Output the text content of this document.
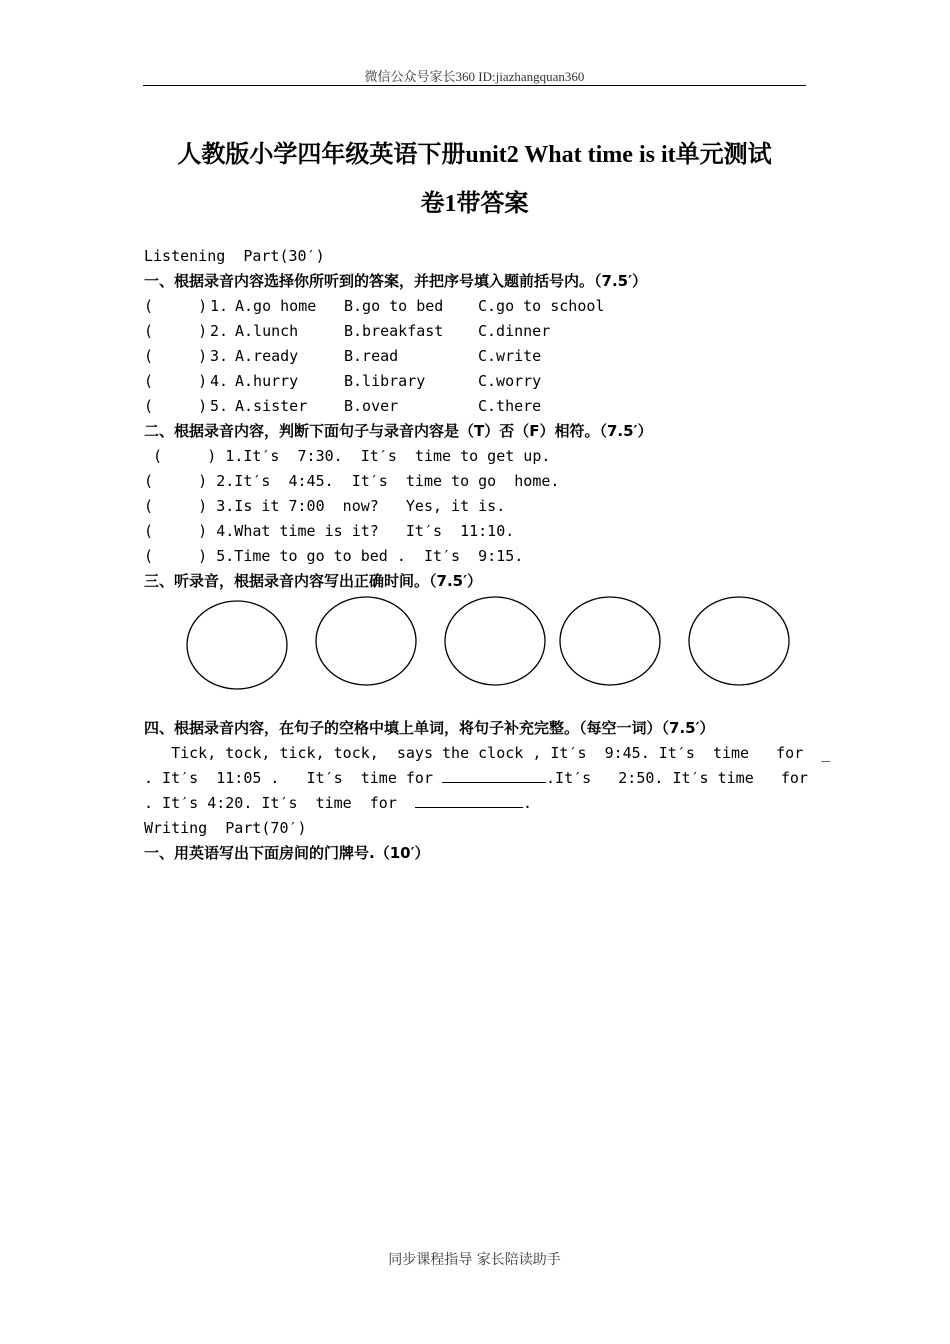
微信公众号家长360 ID:jiazhangquan360
人教版小学四年级英语下册unit2 What time is it单元测试
卷1带答案
Listening  Part(30′)
一、根据录音内容选择你所听到的答案，并把序号填入题前括号内。（7.5′）
(     ) 1. A.go home	B.go to bed	C.go to school
(     ) 2. A.lunch	B.breakfast	C.dinner
(     ) 3. A.ready	B.read	C.write
(     ) 4. A.hurry	B.library	C.worry
(     ) 5. A.sister	B.over	C.there
二、根据录音内容，判断下面句子与录音内容是（T）否（F）相符。（7.5′）
(     ) 1.It′s  7:30.  It′s  time to get up.
(     ) 2.It′s  4:45.  It′s  time to go  home.
(     ) 3.Is it 7:00  now?   Yes, it is.
(     ) 4.What time is it?   It′s  11:10.
(     ) 5.Time to go to bed .  It′s  9:15.
三、听录音，根据录音内容写出正确时间。（7.5′）
四、根据录音内容，在句子的空格中填上单词，将句子补充完整。（每空一词）（7.5′）
Tick, tock, tick, tock,  says the clock , It′s  9:45. It′s  time   for  _
. It′s  11:05 .   It′s  time for	.It′s   2:50. It′s time   for
. It′s 4:20. It′s  time  for	.
Writing  Part(70′)
一、用英语写出下面房间的门牌号.（10′）
同步课程指导 家长陪读助手
